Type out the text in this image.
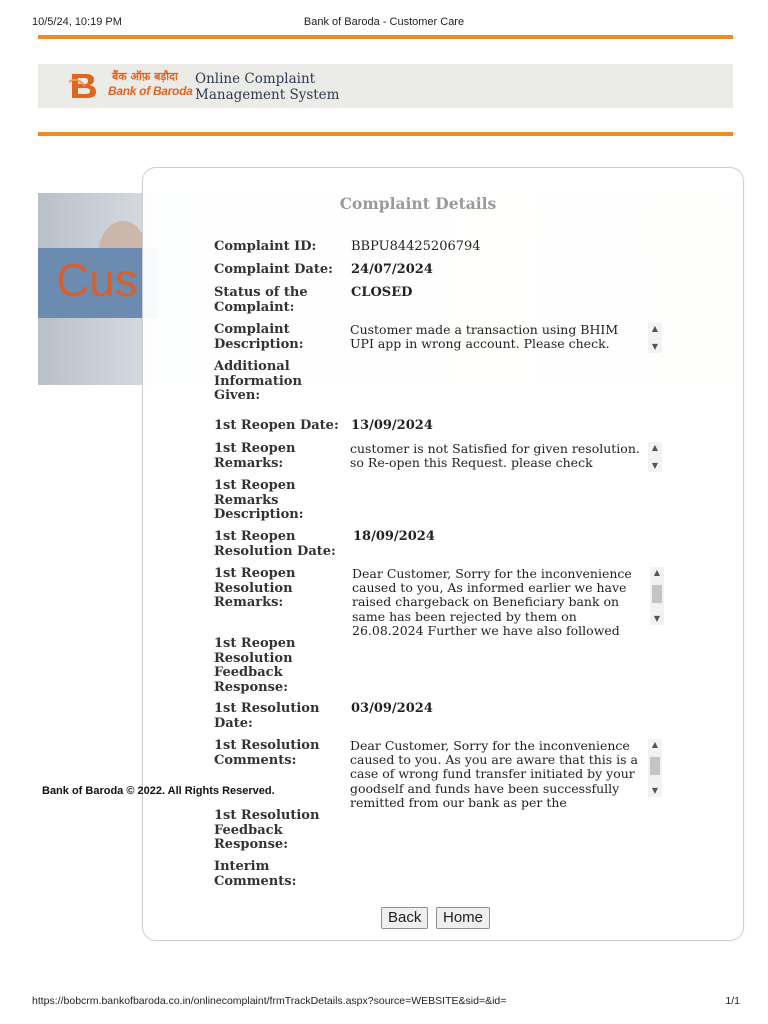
10/5/24, 10:19 PM	Bank of Baroda - Customer Care
बैंक ऑफ़ बड़ौदा
Bank of Baroda
Online Complaint
Management System
Cus
Complaint Details
Complaint ID:	BBPU84425206794
Complaint Date:	24/07/2024
Status of the Complaint:
CLOSED
Complaint Description:
Customer made a transaction using BHIM UPI app in wrong account. Please check.
▲
▼
Additional Information Given:
1st Reopen Date: 13/09/2024
1st Reopen Remarks:
customer is not Satisfied for given resolution. so Re-open this Request. please check
▲
▼
1st Reopen Remarks Description:
1st Reopen Resolution Date:
18/09/2024
1st Reopen Resolution Remarks:
Dear Customer, Sorry for the inconvenience caused to you, As informed earlier we have raised chargeback on Beneficiary bank on same has been rejected by them on 26.08.2024 Further we have also followed
▲
▼
1st Reopen Resolution Feedback Response:
1st Resolution Date:
03/09/2024
1st Resolution Comments:
Dear Customer, Sorry for the inconvenience caused to you. As you are aware that this is a case of wrong fund transfer initiated by your goodself and funds have been successfully remitted from our bank as per the
▲
▼
1st Resolution Feedback Response:
Interim Comments:
Back	Home
Bank of Baroda © 2022. All Rights Reserved.
https://bobcrm.bankofbaroda.co.in/onlinecomplaint/frmTrackDetails.aspx?source=WEBSITE&sid=&id=	1/1
